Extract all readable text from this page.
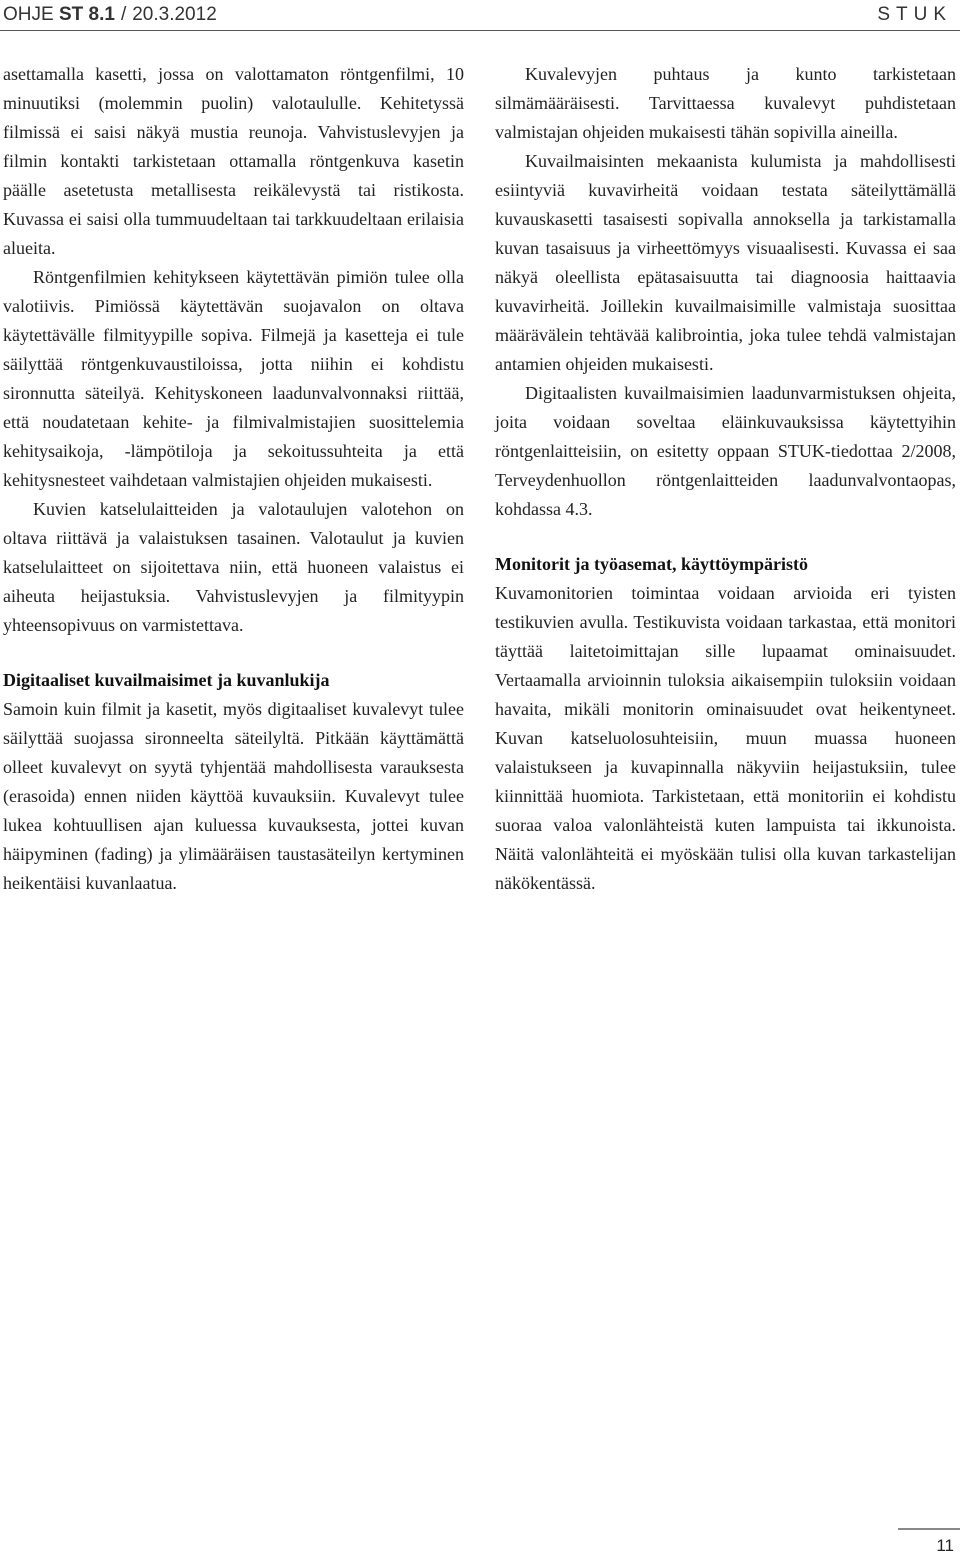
OHJE ST 8.1 / 20.3.2012	STUK

asettamalla kasetti, jossa on valottamaton röntgenfilmi, 10 minuutiksi (molemmin puolin) valotaululle. Kehitetyssä filmissä ei saisi näkyä mustia reunoja. Vahvistuslevyjen ja filmin kontakti tarkistetaan ottamalla röntgenkuva kasetin päälle asetetusta metallisesta reikälevystä tai ristikosta. Kuvassa ei saisi olla tummuudeltaan tai tarkkuudeltaan erilaisia alueita.

Röntgenfilmien kehitykseen käytettävän pimiön tulee olla valotiivis. Pimiössä käytettävän suojavalon on oltava käytettävälle filmityypille sopiva. Filmejä ja kasetteja ei tule säilyttää röntgenkuvaustiloissa, jotta niihin ei kohdistu sironnutta säteilyä. Kehityskoneen laadunvalvonnaksi riittää, että noudatetaan kehite- ja filmivalmistajien suosittelemia kehitysaikoja, -lämpötiloja ja sekoitussuhteita ja että kehitysnesteet vaihdetaan valmistajien ohjeiden mukaisesti.

Kuvien katselulaitteiden ja valotaulujen valotehon on oltava riittävä ja valaistuksen tasainen. Valotaulut ja kuvien katselulaitteet on sijoitettava niin, että huoneen valaistus ei aiheuta heijastuksia. Vahvistuslevyjen ja filmityypin yhteensopivuus on varmistettava.

Digitaaliset kuvailmaisimet ja kuvanlukija

Samoin kuin filmit ja kasetit, myös digitaaliset kuvalevyt tulee säilyttää suojassa sironneelta säteilyltä. Pitkään käyttämättä olleet kuvalevyt on syytä tyhjentää mahdollisesta varauksesta (erasoida) ennen niiden käyttöä kuvauksiin. Kuvalevyt tulee lukea kohtuullisen ajan kuluessa kuvauksesta, jottei kuvan häipyminen (fading) ja ylimääräisen taustasäteilyn kertyminen heikentäisi kuvanlaatua.

Kuvalevyjen puhtaus ja kunto tarkistetaan silmämääräisesti. Tarvittaessa kuvalevyt puhdistetaan valmistajan ohjeiden mukaisesti tähän sopivilla aineilla.

Kuvailmaisinten mekaanista kulumista ja mahdollisesti esiintyviä kuvavirheitä voidaan testata säteilyttämällä kuvauskasetti tasaisesti sopivalla annoksella ja tarkistamalla kuvan tasaisuus ja virheettömyys visuaalisesti. Kuvassa ei saa näkyä oleellista epätasaisuutta tai diagnoosia haittaavia kuvavirheitä. Joillekin kuvailmaisimille valmistaja suosittaa määrävälein tehtävää kalibrointia, joka tulee tehdä valmistajan antamien ohjeiden mukaisesti.

Digitaalisten kuvailmaisimien laadunvarmistuksen ohjeita, joita voidaan soveltaa eläinkuvauksissa käytettyihin röntgenlaitteisiin, on esitetty oppaan STUK-tiedottaa 2/2008, Terveydenhuollon röntgenlaitteiden laadunvalvontaopas, kohdassa 4.3.

Monitorit ja työasemat, käyttöympäristö

Kuvamonitorien toimintaa voidaan arvioida eri tyisten testikuvien avulla. Testikuvista voidaan tarkastaa, että monitori täyttää laitetoimittajan sille lupaamat ominaisuudet. Vertaamalla arvioinnin tuloksia aikaisempiin tuloksiin voidaan havaita, mikäli monitorin ominaisuudet ovat heikentyneet. Kuvan katseluolosuhteisiin, muun muassa huoneen valaistukseen ja kuvapinnalla näkyviin heijastuksiin, tulee kiinnittää huomiota. Tarkistetaan, että monitoriin ei kohdistu suoraa valoa valonlähteistä kuten lampuista tai ikkunoista. Näitä valonlähteitä ei myöskään tulisi olla kuvan tarkastelijan näkökentässä.

11
